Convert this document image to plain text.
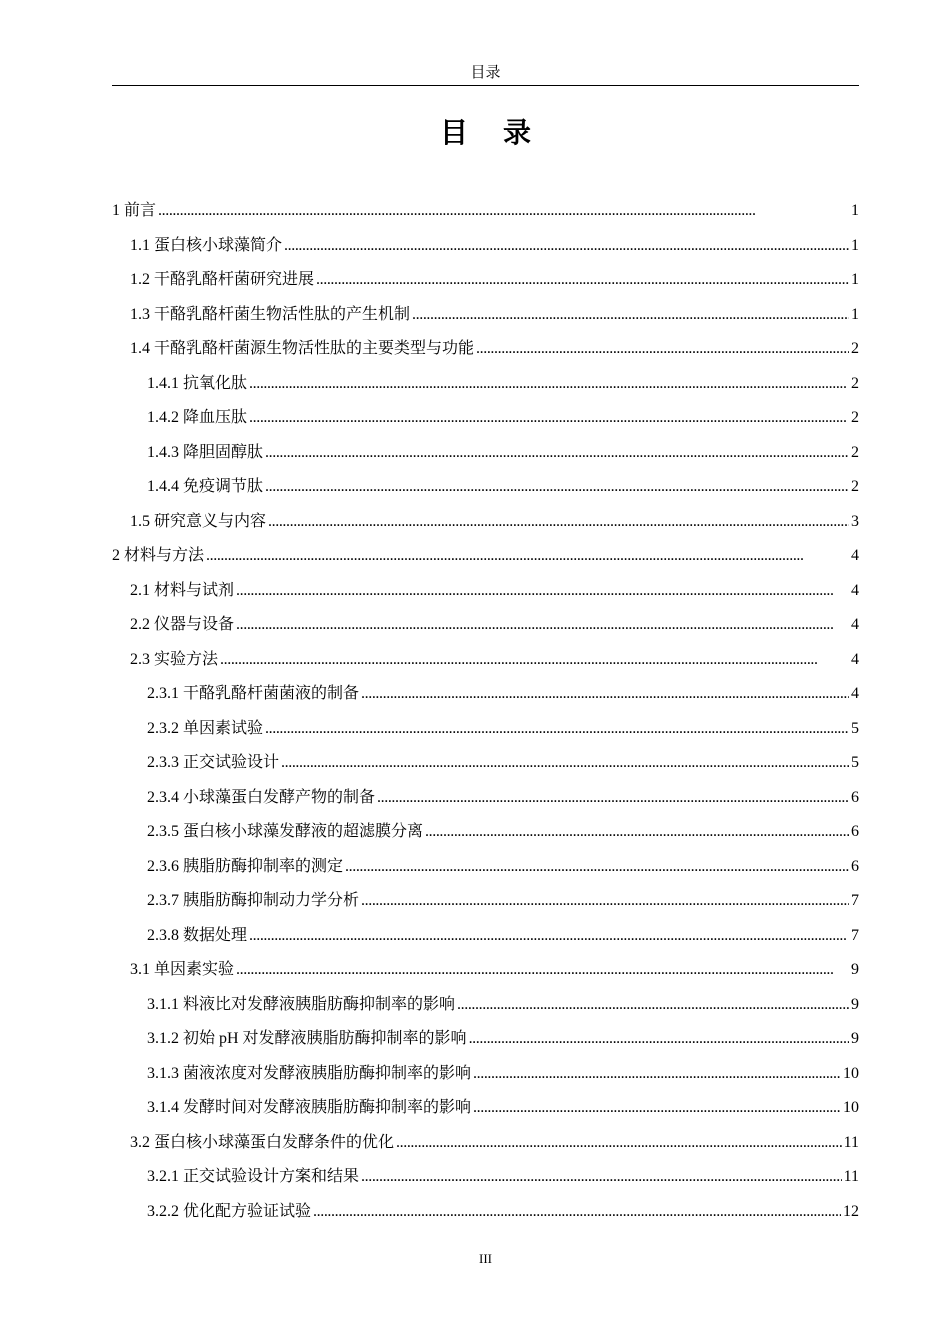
目录
目 录
1 前言 . . .	1
1.1 蛋白核小球藻简介 . . .	1
1.2 干酪乳酪杆菌研究进展 . . .	1
1.3 干酪乳酪杆菌生物活性肽的产生机制 . . .	1
1.4 干酪乳酪杆菌源生物活性肽的主要类型与功能 . . .	2
1.4.1 抗氧化肽 . . .	2
1.4.2 降血压肽 . . .	2
1.4.3 降胆固醇肽 . . .	2
1.4.4 免疫调节肽 . . .	2
1.5 研究意义与内容 . . .	3
2 材料与方法 . . .	4
2.1 材料与试剂 . . .	4
2.2 仪器与设备 . . .	4
2.3 实验方法 . . .	4
2.3.1 干酪乳酪杆菌菌液的制备 . . .	4
2.3.2 单因素试验 . . .	5
2.3.3 正交试验设计 . . .	5
2.3.4 小球藻蛋白发酵产物的制备 . . .	6
2.3.5 蛋白核小球藻发酵液的超滤膜分离 . . .	6
2.3.6 胰脂肪酶抑制率的测定 . . .	6
2.3.7 胰脂肪酶抑制动力学分析 . . .	7
2.3.8 数据处理 . . .	7
3.1 单因素实验 . . .	9
3.1.1 料液比对发酵液胰脂肪酶抑制率的影响 . . .	9
3.1.2 初始 pH 对发酵液胰脂肪酶抑制率的影响 . . .	9
3.1.3 菌液浓度对发酵液胰脂肪酶抑制率的影响 . . .	10
3.1.4 发酵时间对发酵液胰脂肪酶抑制率的影响 . . .	10
3.2 蛋白核小球藻蛋白发酵条件的优化 . . .	11
3.2.1 正交试验设计方案和结果 . . .	11
3.2.2 优化配方验证试验 . . .	12
III
